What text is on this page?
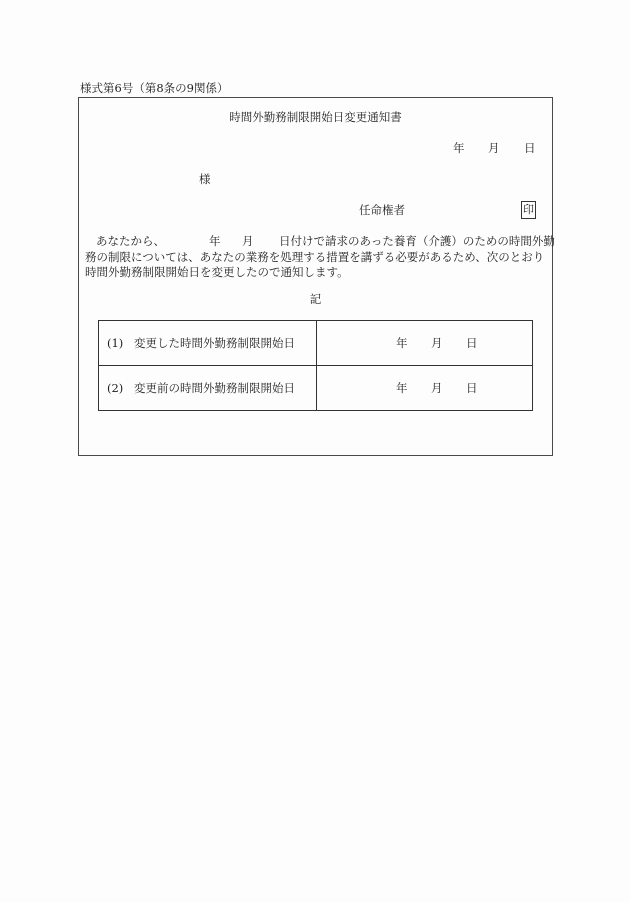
様式第6号（第8条の9関係）
時間外勤務制限開始日変更通知書
年 月 日
様
任命権者	印
あなたから、	年 月 日付けで請求のあった養育（介護）のための時間外勤
務の制限については、あなたの業務を処理する措置を講ずる必要があるため、次のとおり
時間外勤務制限開始日を変更したので通知します。
記
(1) 変更した時間外勤務制限開始日	年 月 日
(2) 変更前の時間外勤務制限開始日	年 月 日
